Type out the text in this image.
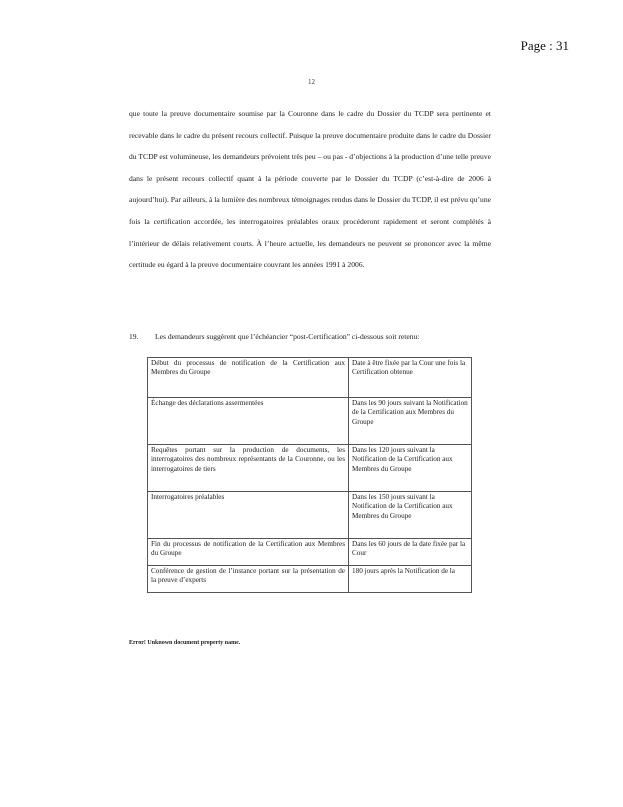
Page : 31
12

que toute la preuve documentaire soumise par la Couronne dans le cadre du Dossier du TCDP sera pertinente et recevable dans le cadre du présent recours collectif. Puisque la preuve documentaire produite dans le cadre du Dossier du TCDP est volumineuse, les demandeurs prévoient très peu – ou pas - d’objections à la production d’une telle preuve dans le présent recours collectif quant à la période couverte par le Dossier du TCDP (c’est-à-dire de 2006 à aujourd’hui). Par ailleurs, à la lumière des nombreux témoignages rendus dans le Dossier du TCDP, il est prévu qu’une fois la certification accordée, les interrogatoires préalables oraux procéderont rapidement et seront complétés à l’intérieur de délais relativement courts. À l’heure actuelle, les demandeurs ne peuvent se prononcer avec la même certitude eu égard à la preuve documentaire couvrant les années 1991 à 2006.

19. Les demandeurs suggèrent que l’échéancier “post-Certification” ci-dessous soit retenu:
Début du processus de notification de la Certification aux Membres du Groupe	Date à être fixée par la Cour une fois la Certification obtenue
Échange des déclarations assermentées	Dans les 90 jours suivant la Notification de la Certification aux Membres du Groupe
Requêtes portant sur la production de documents, les interrogatoires des nombreux représentants de la Couronne, ou les interrogatoires de tiers	Dans les 120 jours suivant la Notification de la Certification aux Membres du Groupe
Interrogatoires préalables	Dans les 150 jours suivant la Notification de la Certification aux Membres du Groupe
Fin du processus de notification de la Certification aux Membres du Groupe	Dans les 60 jours de la date fixée par la Cour
Conférence de gestion de l’instance portant sur la présentation de la preuve d’experts	180 jours après la Notification de la
Error! Unknown document property name.
